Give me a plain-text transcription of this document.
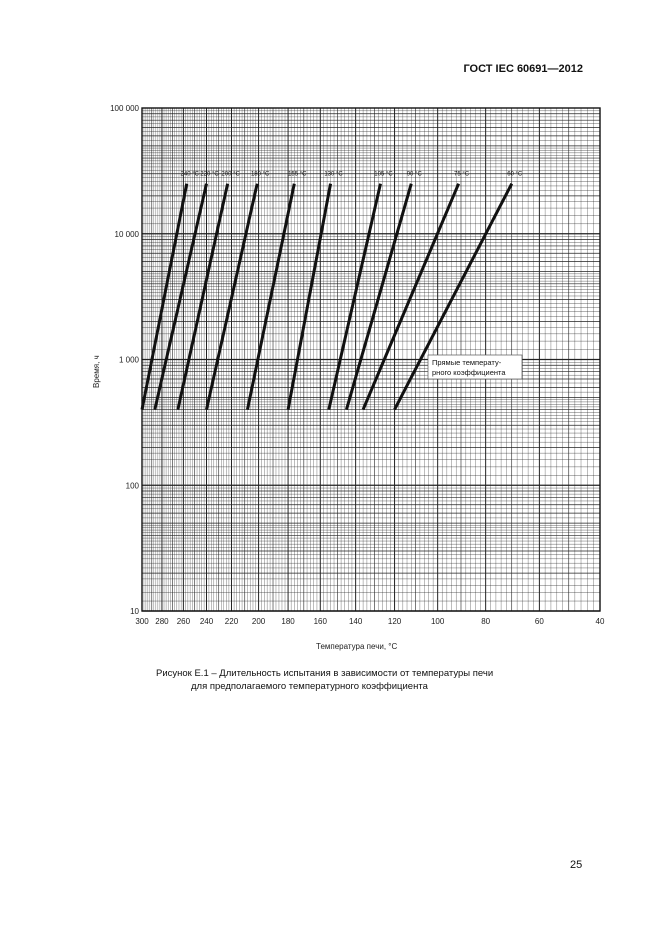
ГОСТ IEC 60691—2012
100 000
10 000
1 000
100
10
300 280 260 240 220 200 180 160	140	120	100	80	60	40
240 °C 220 °C 200 °C 180 °C	155 °C	130 °C	105 °C 90 °C	75 °C	60 °C
Прямые температу-
рного коэффициента
Температура печи, °C
Время, ч
Рисунок Е.1 – Длительность испытания в зависимости от температуры печи
для предполагаемого температурного коэффициента
25
